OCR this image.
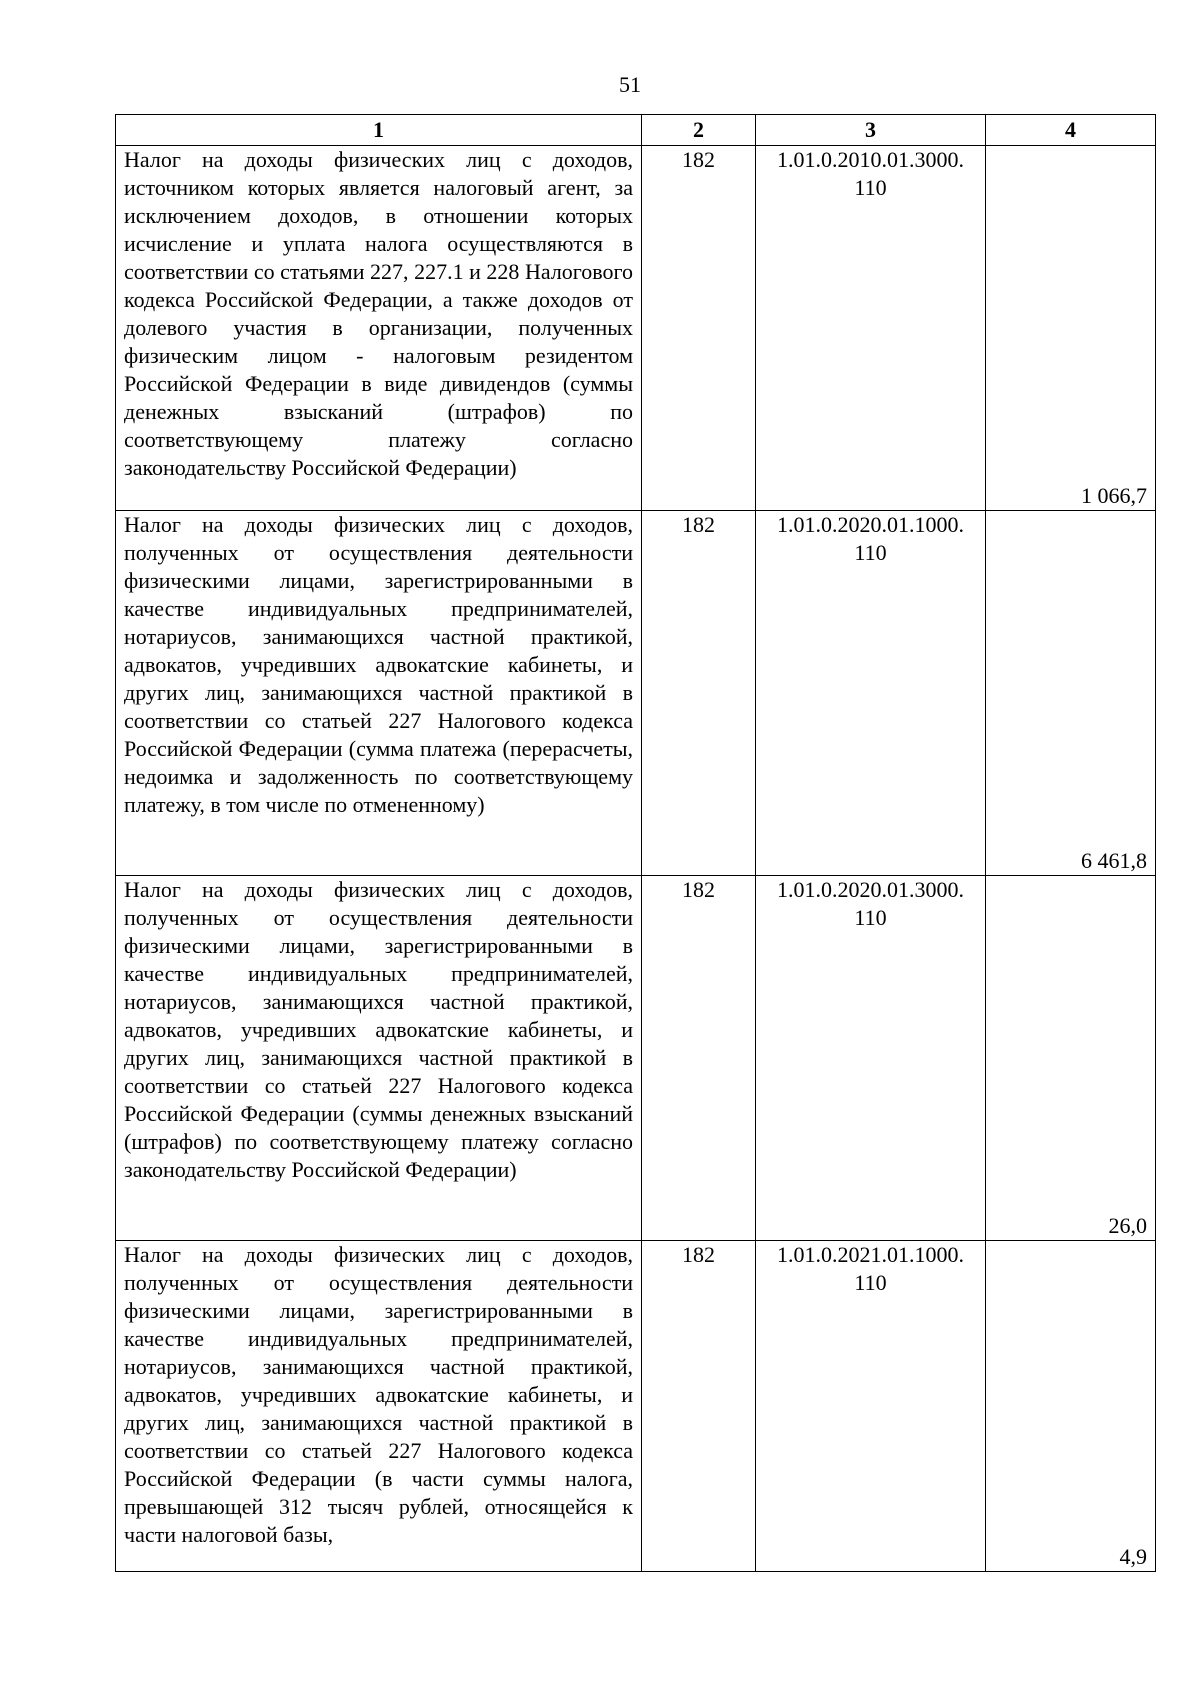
51
1	2	3	4
Налог на доходы физических лиц с доходов, источником которых является налоговый агент, за исключением доходов, в отношении которых исчисление и уплата налога осуществляются в соответствии со статьями 227, 227.1 и 228 Налогового кодекса Российской Федерации, а также доходов от долевого участия в организации, полученных физическим лицом - налоговым резидентом Российской Федерации в виде дивидендов (суммы денежных взысканий (штрафов) по соответствующему платежу согласно законодательству Российской Федерации)	182	1.01.0.2010.01.3000. 110	1 066,7
Налог на доходы физических лиц с доходов, полученных от осуществления деятельности физическими лицами, зарегистрированными в качестве индивидуальных предпринимателей, нотариусов, занимающихся частной практикой, адвокатов, учредивших адвокатские кабинеты, и других лиц, занимающихся частной практикой в соответствии со статьей 227 Налогового кодекса Российской Федерации (сумма платежа (перерасчеты, недоимка и задолженность по соответствующему платежу, в том числе по отмененному)	182	1.01.0.2020.01.1000. 110	6 461,8
Налог на доходы физических лиц с доходов, полученных от осуществления деятельности физическими лицами, зарегистрированными в качестве индивидуальных предпринимателей, нотариусов, занимающихся частной практикой, адвокатов, учредивших адвокатские кабинеты, и других лиц, занимающихся частной практикой в соответствии со статьей 227 Налогового кодекса Российской Федерации (суммы денежных взысканий (штрафов) по соответствующему платежу согласно законодательству Российской Федерации)	182	1.01.0.2020.01.3000. 110	26,0
Налог на доходы физических лиц с доходов, полученных от осуществления деятельности физическими лицами, зарегистрированными в качестве индивидуальных предпринимателей, нотариусов, занимающихся частной практикой, адвокатов, учредивших адвокатские кабинеты, и других лиц, занимающихся частной практикой в соответствии со статьей 227 Налогового кодекса Российской Федерации (в части суммы налога, превышающей 312 тысяч рублей, относящейся к части налоговой базы,	182	1.01.0.2021.01.1000. 110	4,9
